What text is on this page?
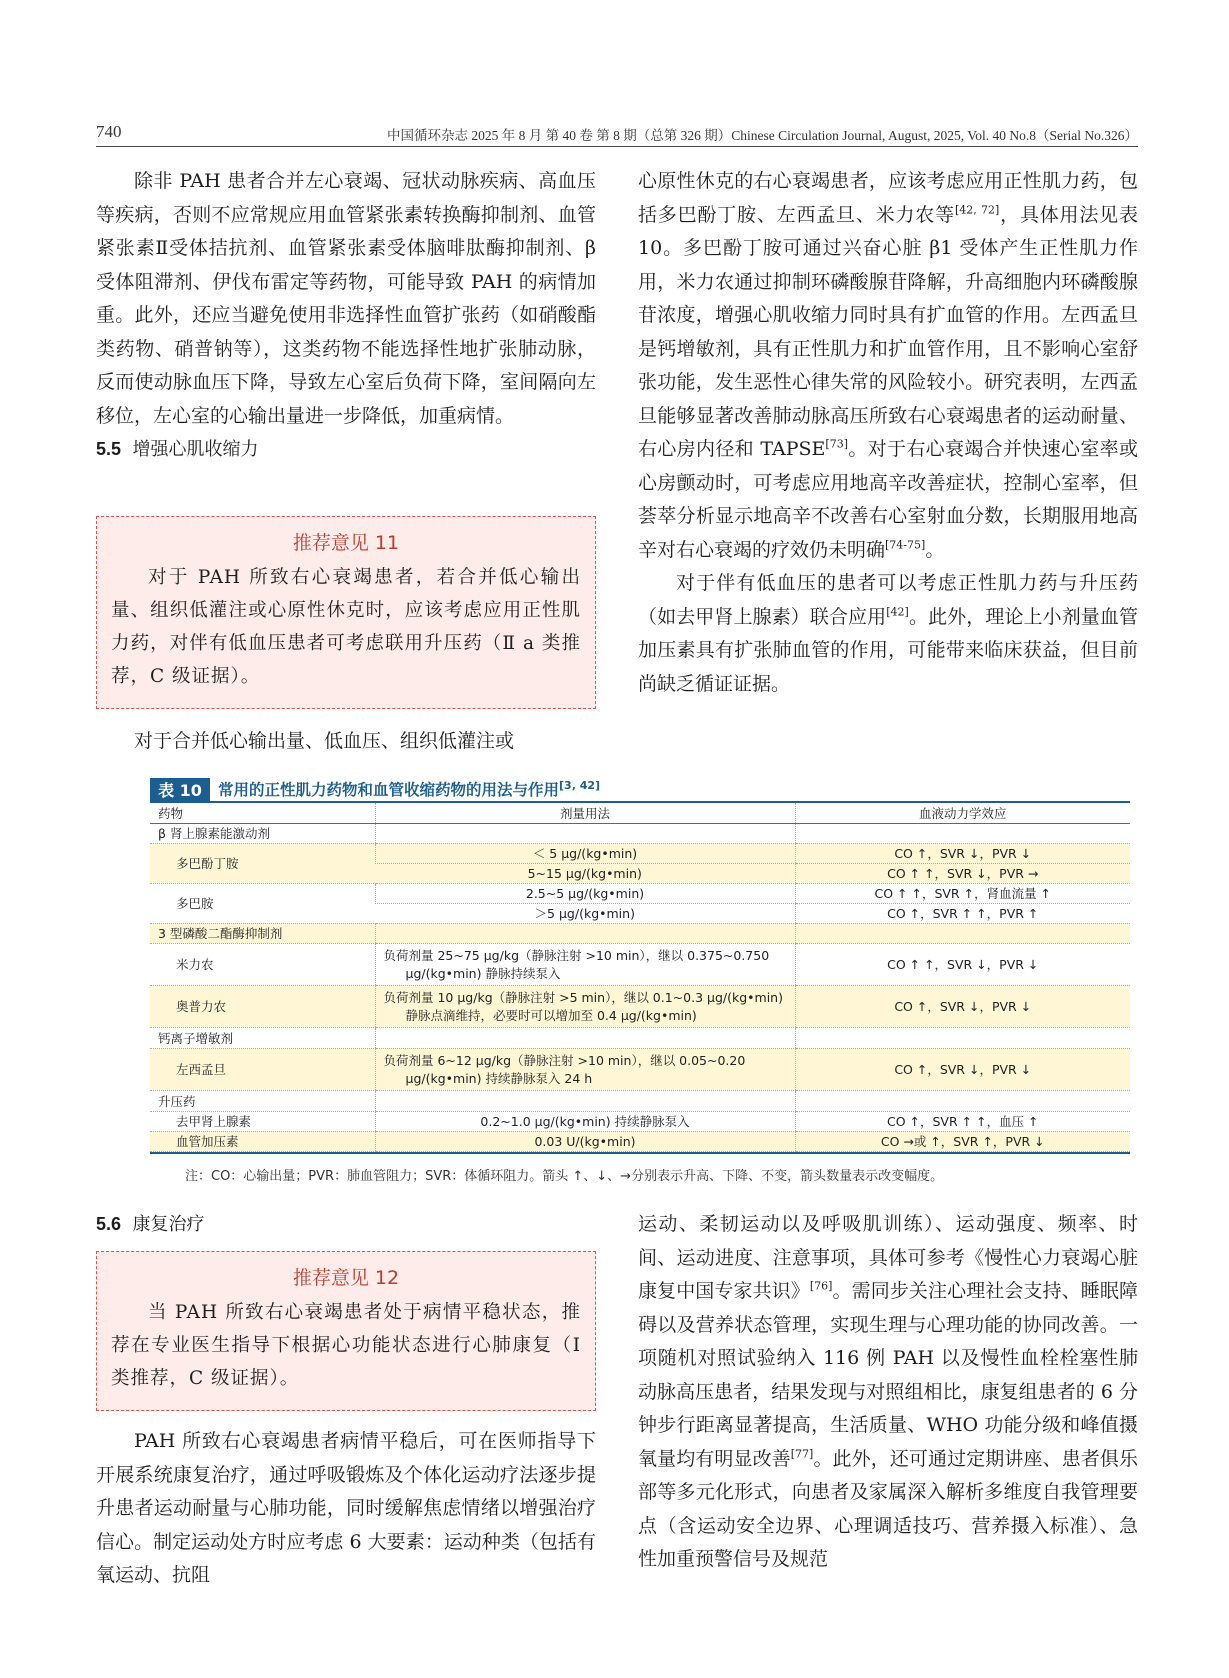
740	中国循环杂志 2025 年 8 月 第 40 卷 第 8 期（总第 326 期）Chinese Circulation Journal, August, 2025, Vol. 40 No.8（Serial No.326）

除非 PAH 患者合并左心衰竭、冠状动脉疾病、高血压等疾病，否则不应常规应用血管紧张素转换酶抑制剂、血管紧张素Ⅱ受体拮抗剂、血管紧张素受体脑啡肽酶抑制剂、β 受体阻滞剂、伊伐布雷定等药物，可能导致 PAH 的病情加重。此外，还应当避免使用非选择性血管扩张药（如硝酸酯类药物、硝普钠等），这类药物不能选择性地扩张肺动脉，反而使动脉血压下降，导致左心室后负荷下降，室间隔向左移位，左心室的心输出量进一步降低，加重病情。

5.5 增强心肌收缩力

推荐意见 11
对于 PAH 所致右心衰竭患者，若合并低心输出量、组织低灌注或心原性休克时，应该考虑应用正性肌力药，对伴有低血压患者可考虑联用升压药（Ⅱ a 类推荐，C 级证据）。

对于合并低心输出量、低血压、组织低灌注或

心原性休克的右心衰竭患者，应该考虑应用正性肌力药，包括多巴酚丁胺、左西孟旦、米力农等[42, 72]，具体用法见表 10。多巴酚丁胺可通过兴奋心脏 β1 受体产生正性肌力作用，米力农通过抑制环磷酸腺苷降解，升高细胞内环磷酸腺苷浓度，增强心肌收缩力同时具有扩血管的作用。左西孟旦是钙增敏剂，具有正性肌力和扩血管作用，且不影响心室舒张功能，发生恶性心律失常的风险较小。研究表明，左西孟旦能够显著改善肺动脉高压所致右心衰竭患者的运动耐量、右心房内径和 TAPSE[73]。对于右心衰竭合并快速心室率或心房颤动时，可考虑应用地高辛改善症状，控制心室率，但荟萃分析显示地高辛不改善右心室射血分数，长期服用地高辛对右心衰竭的疗效仍未明确[74-75]。

对于伴有低血压的患者可以考虑正性肌力药与升压药（如去甲肾上腺素）联合应用[42]。此外，理论上小剂量血管加压素具有扩张肺血管的作用，可能带来临床获益，但目前尚缺乏循证证据。

表 10	常用的正性肌力药物和血管收缩药物的用法与作用[3, 42]
药物	剂量用法	血液动力学效应
β 肾上腺素能激动剂		
多巴酚丁胺	＜ 5 μg/(kg•min)	CO ↑，SVR ↓，PVR ↓
	5~15 μg/(kg•min)	CO ↑ ↑，SVR ↓，PVR →
多巴胺	2.5~5 μg/(kg•min)	CO ↑ ↑，SVR ↑，肾血流量 ↑
	＞5 μg/(kg•min)	CO ↑，SVR ↑ ↑，PVR ↑
3 型磷酸二酯酶抑制剂		
米力农	负荷剂量 25~75 μg/kg（静脉注射 >10 min），继以 0.375~0.750
μg/(kg•min) 静脉持续泵入	CO ↑ ↑，SVR ↓，PVR ↓
奥普力农	负荷剂量 10 μg/kg（静脉注射 >5 min），继以 0.1~0.3 μg/(kg•min)
静脉点滴维持，必要时可以增加至 0.4 μg/(kg•min)	CO ↑，SVR ↓，PVR ↓
钙离子增敏剂		
左西孟旦	负荷剂量 6~12 μg/kg（静脉注射 >10 min），继以 0.05~0.20
μg/(kg•min) 持续静脉泵入 24 h	CO ↑，SVR ↓，PVR ↓
升压药		
去甲肾上腺素	0.2~1.0 μg/(kg•min) 持续静脉泵入	CO ↑，SVR ↑ ↑，血压 ↑
血管加压素	0.03 U/(kg•min)	CO →或 ↑，SVR ↑，PVR ↓
注：CO：心输出量；PVR：肺血管阻力；SVR：体循环阻力。箭头 ↑、↓、→分别表示升高、下降、不变，箭头数量表示改变幅度。

5.6 康复治疗

推荐意见 12
当 PAH 所致右心衰竭患者处于病情平稳状态，推荐在专业医生指导下根据心功能状态进行心肺康复（Ⅰ类推荐，C 级证据）。

PAH 所致右心衰竭患者病情平稳后，可在医师指导下开展系统康复治疗，通过呼吸锻炼及个体化运动疗法逐步提升患者运动耐量与心肺功能，同时缓解焦虑情绪以增强治疗信心。制定运动处方时应考虑 6 大要素：运动种类（包括有氧运动、抗阻

运动、柔韧运动以及呼吸肌训练）、运动强度、频率、时间、运动进度、注意事项，具体可参考《慢性心力衰竭心脏康复中国专家共识》[76]。需同步关注心理社会支持、睡眠障碍以及营养状态管理，实现生理与心理功能的协同改善。一项随机对照试验纳入 116 例 PAH 以及慢性血栓栓塞性肺动脉高压患者，结果发现与对照组相比，康复组患者的 6 分钟步行距离显著提高，生活质量、WHO 功能分级和峰值摄氧量均有明显改善[77]。此外，还可通过定期讲座、患者俱乐部等多元化形式，向患者及家属深入解析多维度自我管理要点（含运动安全边界、心理调适技巧、营养摄入标准）、急性加重预警信号及规范
